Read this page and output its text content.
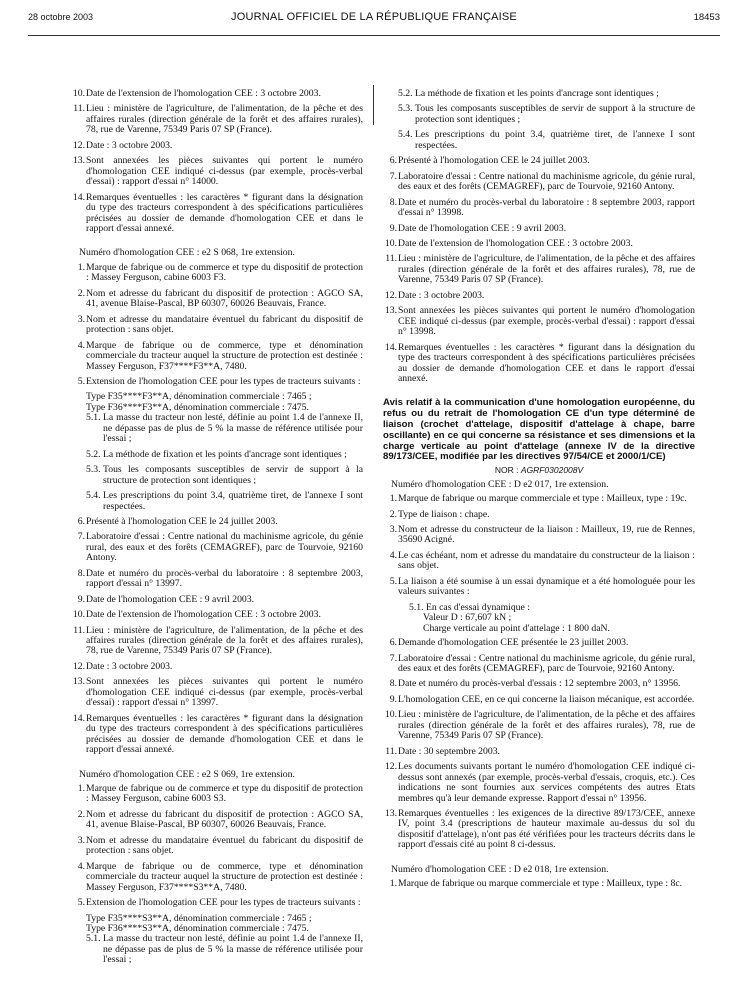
28 octobre 2003	JOURNAL OFFICIEL DE LA RÉPUBLIQUE FRANÇAISE	18453
10. Date de l'extension de l'homologation CEE : 3 octobre 2003.
11. Lieu : ministère de l'agriculture, de l'alimentation, de la pêche et des affaires rurales (direction générale de la forêt et des affaires rurales), 78, rue de Varenne, 75349 Paris 07 SP (France).
12. Date : 3 octobre 2003.
13. Sont annexées les pièces suivantes qui portent le numéro d'homologation CEE indiqué ci-dessus (par exemple, procès-verbal d'essai) : rapport d'essai n° 14000.
14. Remarques éventuelles : les caractères * figurant dans la désignation du type des tracteurs correspondent à des spécifications particulières précisées au dossier de demande d'homologation CEE et dans le rapport d'essai annexé.
Numéro d'homologation CEE : e2 S 068, 1re extension.
1. Marque de fabrique ou de commerce et type du dispositif de protection : Massey Ferguson, cabine 6003 F3.
2. Nom et adresse du fabricant du dispositif de protection : AGCO SA, 41, avenue Blaise-Pascal, BP 60307, 60026 Beauvais, France.
3. Nom et adresse du mandataire éventuel du fabricant du dispositif de protection : sans objet.
4. Marque de fabrique ou de commerce, type et dénomination commerciale du tracteur auquel la structure de protection est destinée : Massey Ferguson, F37****F3**A, 7480.
5. Extension de l'homologation CEE pour les types de tracteurs suivants :
Type F35****F3**A, dénomination commerciale : 7465 ;
Type F36****F3**A, dénomination commerciale : 7475.
5.1. La masse du tracteur non lesté, définie au point 1.4 de l'annexe II, ne dépasse pas de plus de 5 % la masse de référence utilisée pour l'essai ;
5.2. La méthode de fixation et les points d'ancrage sont identiques ;
5.3. Tous les composants susceptibles de servir de support à la structure de protection sont identiques ;
5.4. Les prescriptions du point 3.4, quatrième tiret, de l'annexe I sont respectées.
6. Présenté à l'homologation CEE le 24 juillet 2003.
7. Laboratoire d'essai : Centre national du machinisme agricole, du génie rural, des eaux et des forêts (CEMAGREF), parc de Tourvoie, 92160 Antony.
8. Date et numéro du procès-verbal du laboratoire : 8 septembre 2003, rapport d'essai n° 13997.
9. Date de l'homologation CEE : 9 avril 2003.
10. Date de l'extension de l'homologation CEE : 3 octobre 2003.
11. Lieu : ministère de l'agriculture, de l'alimentation, de la pêche et des affaires rurales (direction générale de la forêt et des affaires rurales), 78, rue de Varenne, 75349 Paris 07 SP (France).
12. Date : 3 octobre 2003.
13. Sont annexées les pièces suivantes qui portent le numéro d'homologation CEE indiqué ci-dessus (par exemple, procès-verbal d'essai) : rapport d'essai n° 13997.
14. Remarques éventuelles : les caractères * figurant dans la désignation du type des tracteurs correspondent à des spécifications particulières précisées au dossier de demande d'homologation CEE et dans le rapport d'essai annexé.
Numéro d'homologation CEE : e2 S 069, 1re extension.
1. Marque de fabrique ou de commerce et type du dispositif de protection : Massey Ferguson, cabine 6003 S3.
2. Nom et adresse du fabricant du dispositif de protection : AGCO SA, 41, avenue Blaise-Pascal, BP 60307, 60026 Beauvais, France.
3. Nom et adresse du mandataire éventuel du fabricant du dispositif de protection : sans objet.
4. Marque de fabrique ou de commerce, type et dénomination commerciale du tracteur auquel la structure de protection est destinée : Massey Ferguson, F37****S3**A, 7480.
5. Extension de l'homologation CEE pour les types de tracteurs suivants :
Type F35****S3**A, dénomination commerciale : 7465 ;
Type F36****S3**A, dénomination commerciale : 7475.
5.1. La masse du tracteur non lesté, définie au point 1.4 de l'annexe II, ne dépasse pas de plus de 5 % la masse de référence utilisée pour l'essai ;
5.2. La méthode de fixation et les points d'ancrage sont identiques ;
5.3. Tous les composants susceptibles de servir de support à la structure de protection sont identiques ;
5.4. Les prescriptions du point 3.4, quatrième tiret, de l'annexe I sont respectées.
6. Présenté à l'homologation CEE le 24 juillet 2003.
7. Laboratoire d'essai : Centre national du machinisme agricole, du génie rural, des eaux et des forêts (CEMAGREF), parc de Tourvoie, 92160 Antony.
8. Date et numéro du procès-verbal du laboratoire : 8 septembre 2003, rapport d'essai n° 13998.
9. Date de l'homologation CEE : 9 avril 2003.
10. Date de l'extension de l'homologation CEE : 3 octobre 2003.
11. Lieu : ministère de l'agriculture, de l'alimentation, de la pêche et des affaires rurales (direction générale de la forêt et des affaires rurales), 78, rue de Varenne, 75349 Paris 07 SP (France).
12. Date : 3 octobre 2003.
13. Sont annexées les pièces suivantes qui portent le numéro d'homologation CEE indiqué ci-dessus (par exemple, procès-verbal d'essai) : rapport d'essai n° 13998.
14. Remarques éventuelles : les caractères * figurant dans la désignation du type des tracteurs correspondent à des spécifications particulières précisées au dossier de demande d'homologation CEE et dans le rapport d'essai annexé.
Avis relatif à la communication d'une homologation européenne, du refus ou du retrait de l'homologation CE d'un type déterminé de liaison (crochet d'attelage, dispositif d'attelage à chape, barre oscillante) en ce qui concerne sa résistance et ses dimensions et la charge verticale au point d'attelage (annexe IV de la directive 89/173/CEE, modifiée par les directives 97/54/CE et 2000/1/CE)
NOR : AGRF0302008V
Numéro d'homologation CEE : D e2 017, 1re extension.
1. Marque de fabrique ou marque commerciale et type : Mailleux, type : 19c.
2. Type de liaison : chape.
3. Nom et adresse du constructeur de la liaison : Mailleux, 19, rue de Rennes, 35690 Acigné.
4. Le cas échéant, nom et adresse du mandataire du constructeur de la liaison : sans objet.
5. La liaison a été soumise à un essai dynamique et a été homologuée pour les valeurs suivantes :
5.1. En cas d'essai dynamique :
Valeur D : 67,607 kN ;
Charge verticale au point d'attelage : 1 800 daN.
6. Demande d'homologation CEE présentée le 23 juillet 2003.
7. Laboratoire d'essai : Centre national du machinisme agricole, du génie rural, des eaux et des forêts (CEMAGREF), parc de Tourvoie, 92160 Antony.
8. Date et numéro du procès-verbal d'essais : 12 septembre 2003, n° 13956.
9. L'homologation CEE, en ce qui concerne la liaison mécanique, est accordée.
10. Lieu : ministère de l'agriculture, de l'alimentation, de la pêche et des affaires rurales (direction générale de la forêt et des affaires rurales), 78, rue de Varenne, 75349 Paris 07 SP (France).
11. Date : 30 septembre 2003.
12. Les documents suivants portant le numéro d'homologation CEE indiqué ci-dessus sont annexés (par exemple, procès-verbal d'essais, croquis, etc.). Ces indications ne sont fournies aux services compétents des autres Etats membres qu'à leur demande expresse. Rapport d'essai n° 13956.
13. Remarques éventuelles : les exigences de la directive 89/173/CEE, annexe IV, point 3.4 (prescriptions de hauteur maximale au-dessus du sol du dispositif d'attelage), n'ont pas été vérifiées pour les tracteurs décrits dans le rapport d'essais cité au point 8 ci-dessus.
Numéro d'homologation CEE : D e2 018, 1re extension.
1. Marque de fabrique ou marque commerciale et type : Mailleux, type : 8c.
